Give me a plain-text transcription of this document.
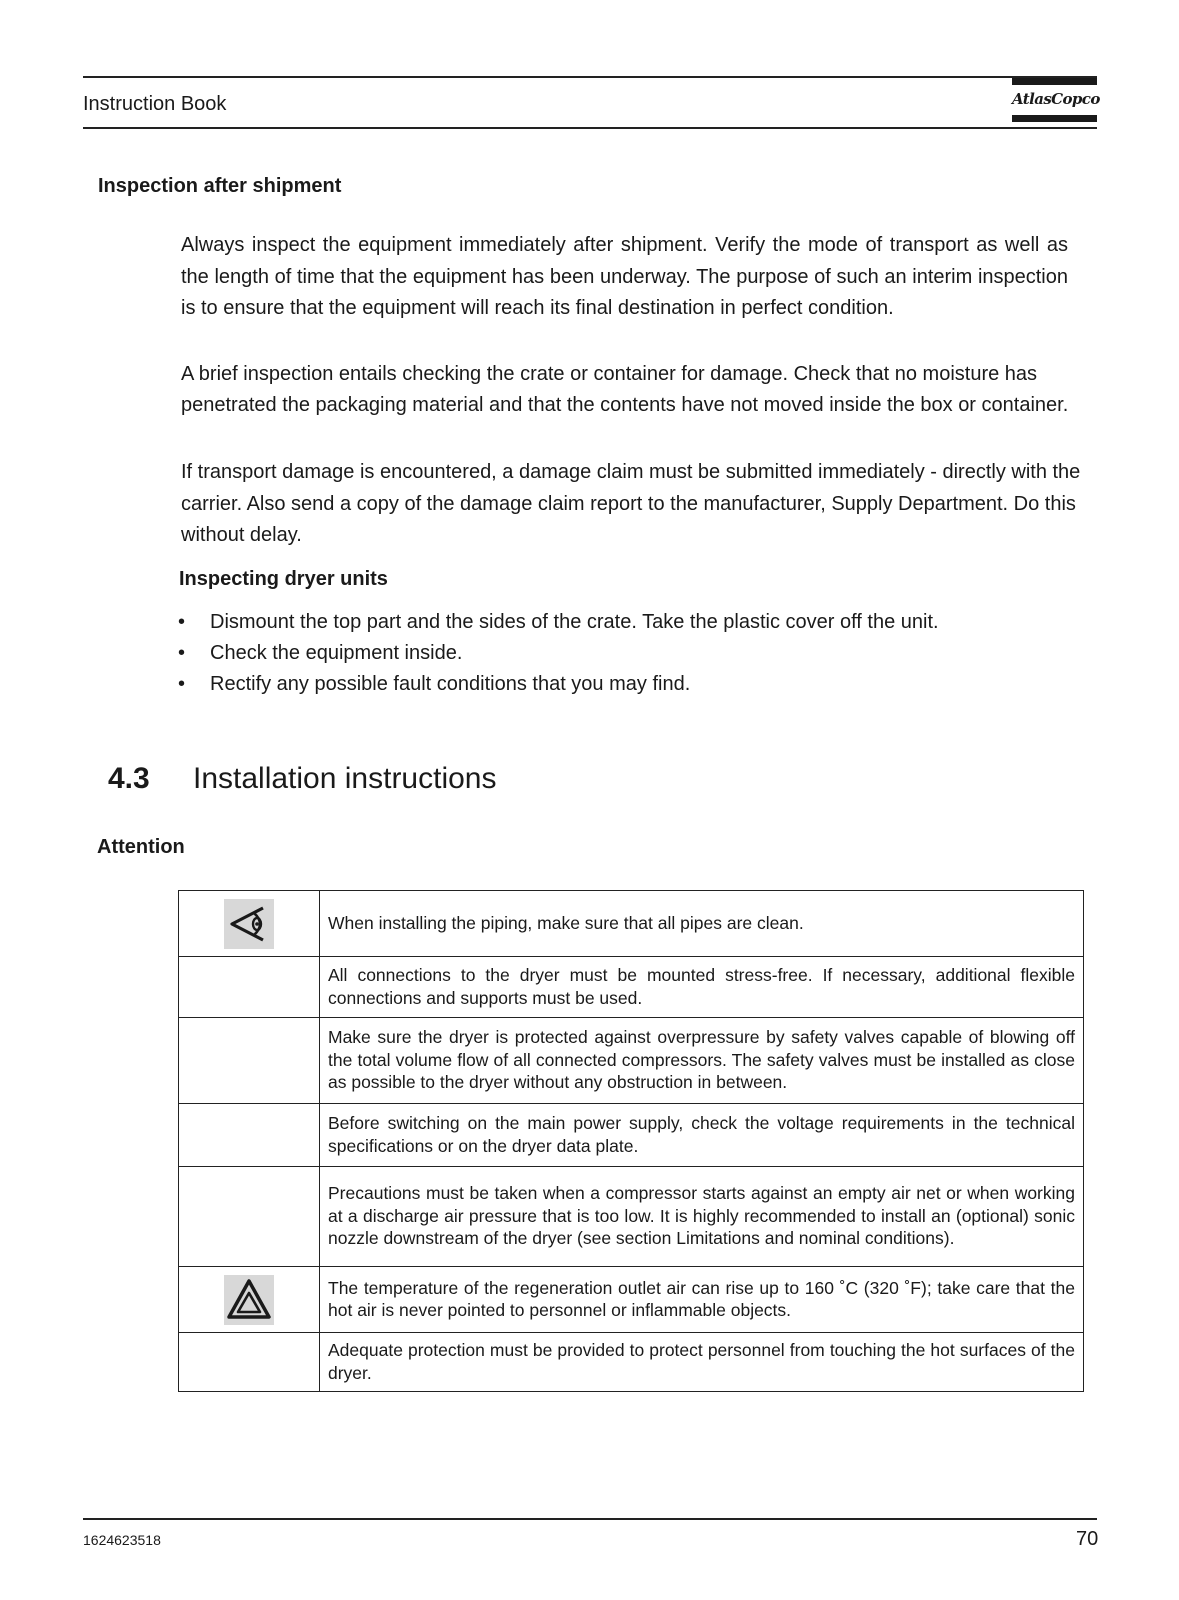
Instruction Book	AtlasCopco
Inspection after shipment

Always inspect the equipment immediately after shipment. Verify the mode of transport as well as the length of time that the equipment has been underway. The purpose of such an interim inspection is to ensure that the equipment will reach its final destination in perfect condition.

A brief inspection entails checking the crate or container for damage. Check that no moisture has penetrated the packaging material and that the contents have not moved inside the box or container.

If transport damage is encountered, a damage claim must be submitted immediately - directly with the carrier. Also send a copy of the damage claim report to the manufacturer, Supply Department. Do this without delay.

Inspecting dryer units
• Dismount the top part and the sides of the crate. Take the plastic cover off the unit.
• Check the equipment inside.
• Rectify any possible fault conditions that you may find.
4.3 Installation instructions
Attention
	When installing the piping, make sure that all pipes are clean.
	All connections to the dryer must be mounted stress-free. If necessary, additional flexible connections and supports must be used.
	Make sure the dryer is protected against overpressure by safety valves capable of blowing off the total volume flow of all connected compressors. The safety valves must be installed as close as possible to the dryer without any obstruction in between.
	Before switching on the main power supply, check the voltage requirements in the technical specifications or on the dryer data plate.
	Precautions must be taken when a compressor starts against an empty air net or when working at a discharge air pressure that is too low. It is highly recommended to install an (optional) sonic nozzle downstream of the dryer (see section Limitations and nominal conditions).

	The temperature of the regeneration outlet air can rise up to 160 ˚C (320 ˚F); take care that the hot air is never pointed to personnel or inflammable objects.
	Adequate protection must be provided to protect personnel from touching the hot surfaces of the dryer.
1624623518	70
